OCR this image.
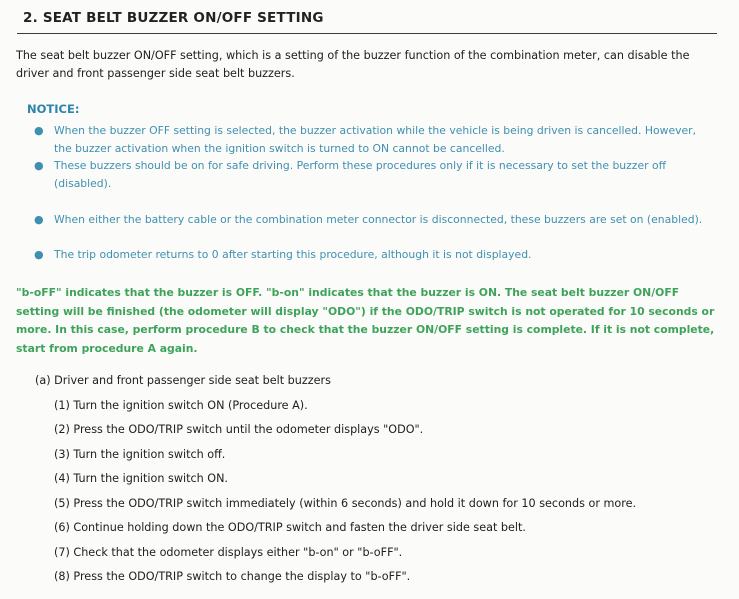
2. SEAT BELT BUZZER ON/OFF SETTING
The seat belt buzzer ON/OFF setting, which is a setting of the buzzer function of the combination meter, can disable the driver and front passenger side seat belt buzzers.
NOTICE:
● When the buzzer OFF setting is selected, the buzzer activation while the vehicle is being driven is cancelled. However, the buzzer activation when the ignition switch is turned to ON cannot be cancelled.
● These buzzers should be on for safe driving. Perform these procedures only if it is necessary to set the buzzer off (disabled).
● When either the battery cable or the combination meter connector is disconnected, these buzzers are set on (enabled).
● The trip odometer returns to 0 after starting this procedure, although it is not displayed.
"b-oFF" indicates that the buzzer is OFF. "b-on" indicates that the buzzer is ON. The seat belt buzzer ON/OFF setting will be finished (the odometer will display "ODO") if the ODO/TRIP switch is not operated for 10 seconds or more. In this case, perform procedure B to check that the buzzer ON/OFF setting is complete. If it is not complete, start from procedure A again.
(a) Driver and front passenger side seat belt buzzers
(1) Turn the ignition switch ON (Procedure A).
(2) Press the ODO/TRIP switch until the odometer displays "ODO".
(3) Turn the ignition switch off.
(4) Turn the ignition switch ON.
(5) Press the ODO/TRIP switch immediately (within 6 seconds) and hold it down for 10 seconds or more.
(6) Continue holding down the ODO/TRIP switch and fasten the driver side seat belt.
(7) Check that the odometer displays either "b-on" or "b-oFF".
(8) Press the ODO/TRIP switch to change the display to "b-oFF".
